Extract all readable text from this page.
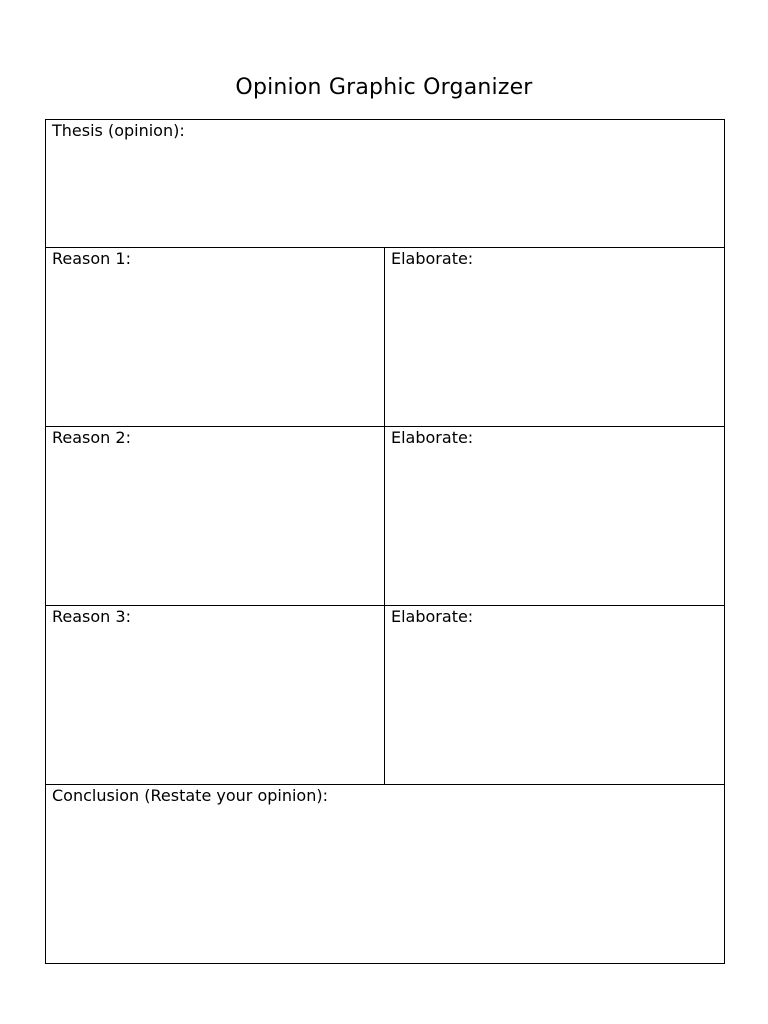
Opinion Graphic Organizer
Thesis (opinion):	

Reason 1:	Elaborate:

Reason 2:	Elaborate:

Reason 3:	Elaborate:

Conclusion (Restate your opinion):	
